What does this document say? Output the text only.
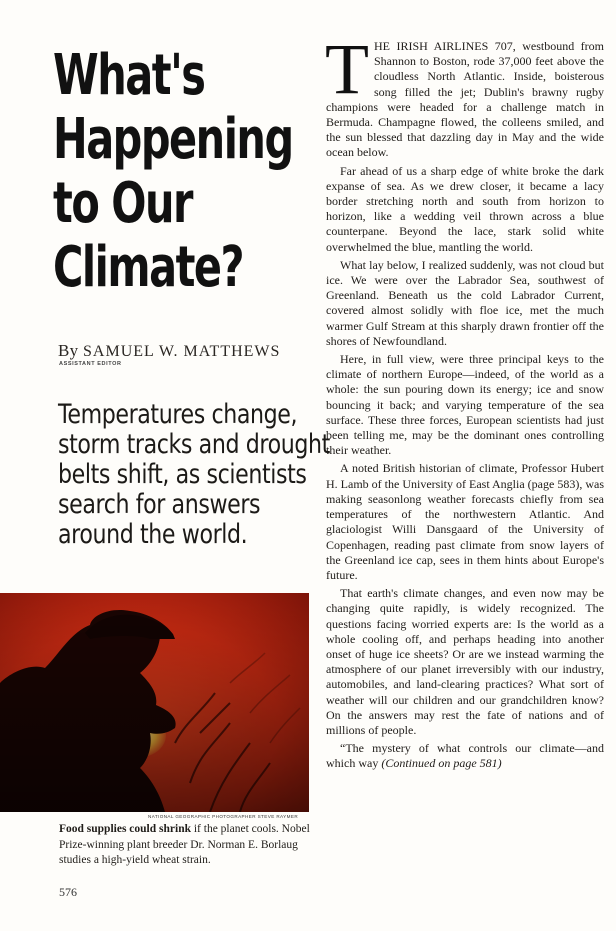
What's
Happening
to Our
Climate?
By SAMUEL W. MATTHEWS
ASSISTANT EDITOR
Temperatures change,
storm tracks and drought
belts shift, as scientists
search for answers
around the world.
NATIONAL GEOGRAPHIC PHOTOGRAPHER STEVE RAYMER
Food supplies could shrink if the planet cools. Nobel Prize-winning plant breeder Dr. Norman E. Borlaug studies a high-yield wheat strain.
576

THE IRISH AIRLINES 707, westbound from Shannon to Boston, rode 37,000 feet above the cloudless North Atlantic. Inside, boisterous song filled the jet; Dublin's brawny rugby champions were headed for a challenge match in Bermuda. Champagne flowed, the colleens smiled, and the sun blessed that dazzling day in May and the wide ocean below.

Far ahead of us a sharp edge of white broke the dark expanse of sea. As we drew closer, it became a lacy border stretching north and south from horizon to horizon, like a wedding veil thrown across a blue counterpane. Beyond the lace, stark solid white overwhelmed the blue, mantling the world.

What lay below, I realized suddenly, was not cloud but ice. We were over the Labrador Sea, southwest of Greenland. Beneath us the cold Labrador Current, covered almost solidly with floe ice, met the much warmer Gulf Stream at this sharply drawn frontier off the shores of Newfoundland.

Here, in full view, were three principal keys to the climate of northern Europe—indeed, of the world as a whole: the sun pouring down its energy; ice and snow bouncing it back; and varying temperature of the sea surface. These three forces, European scientists had just been telling me, may be the dominant ones controlling their weather.

A noted British historian of climate, Professor Hubert H. Lamb of the University of East Anglia (page 583), was making seasonlong weather forecasts chiefly from sea temperatures of the northwestern Atlantic. And glaciologist Willi Dansgaard of the University of Copenhagen, reading past climate from snow layers of the Greenland ice cap, sees in them hints about Europe's future.

That earth's climate changes, and even now may be changing quite rapidly, is widely recognized. The questions facing worried experts are: Is the world as a whole cooling off, and perhaps heading into another onset of huge ice sheets? Or are we instead warming the atmosphere of our planet irreversibly with our industry, automobiles, and land-clearing practices? What sort of weather will our children and our grandchildren know? On the answers may rest the fate of nations and of millions of people.

“The mystery of what controls our climate—and which way (Continued on page 581)
